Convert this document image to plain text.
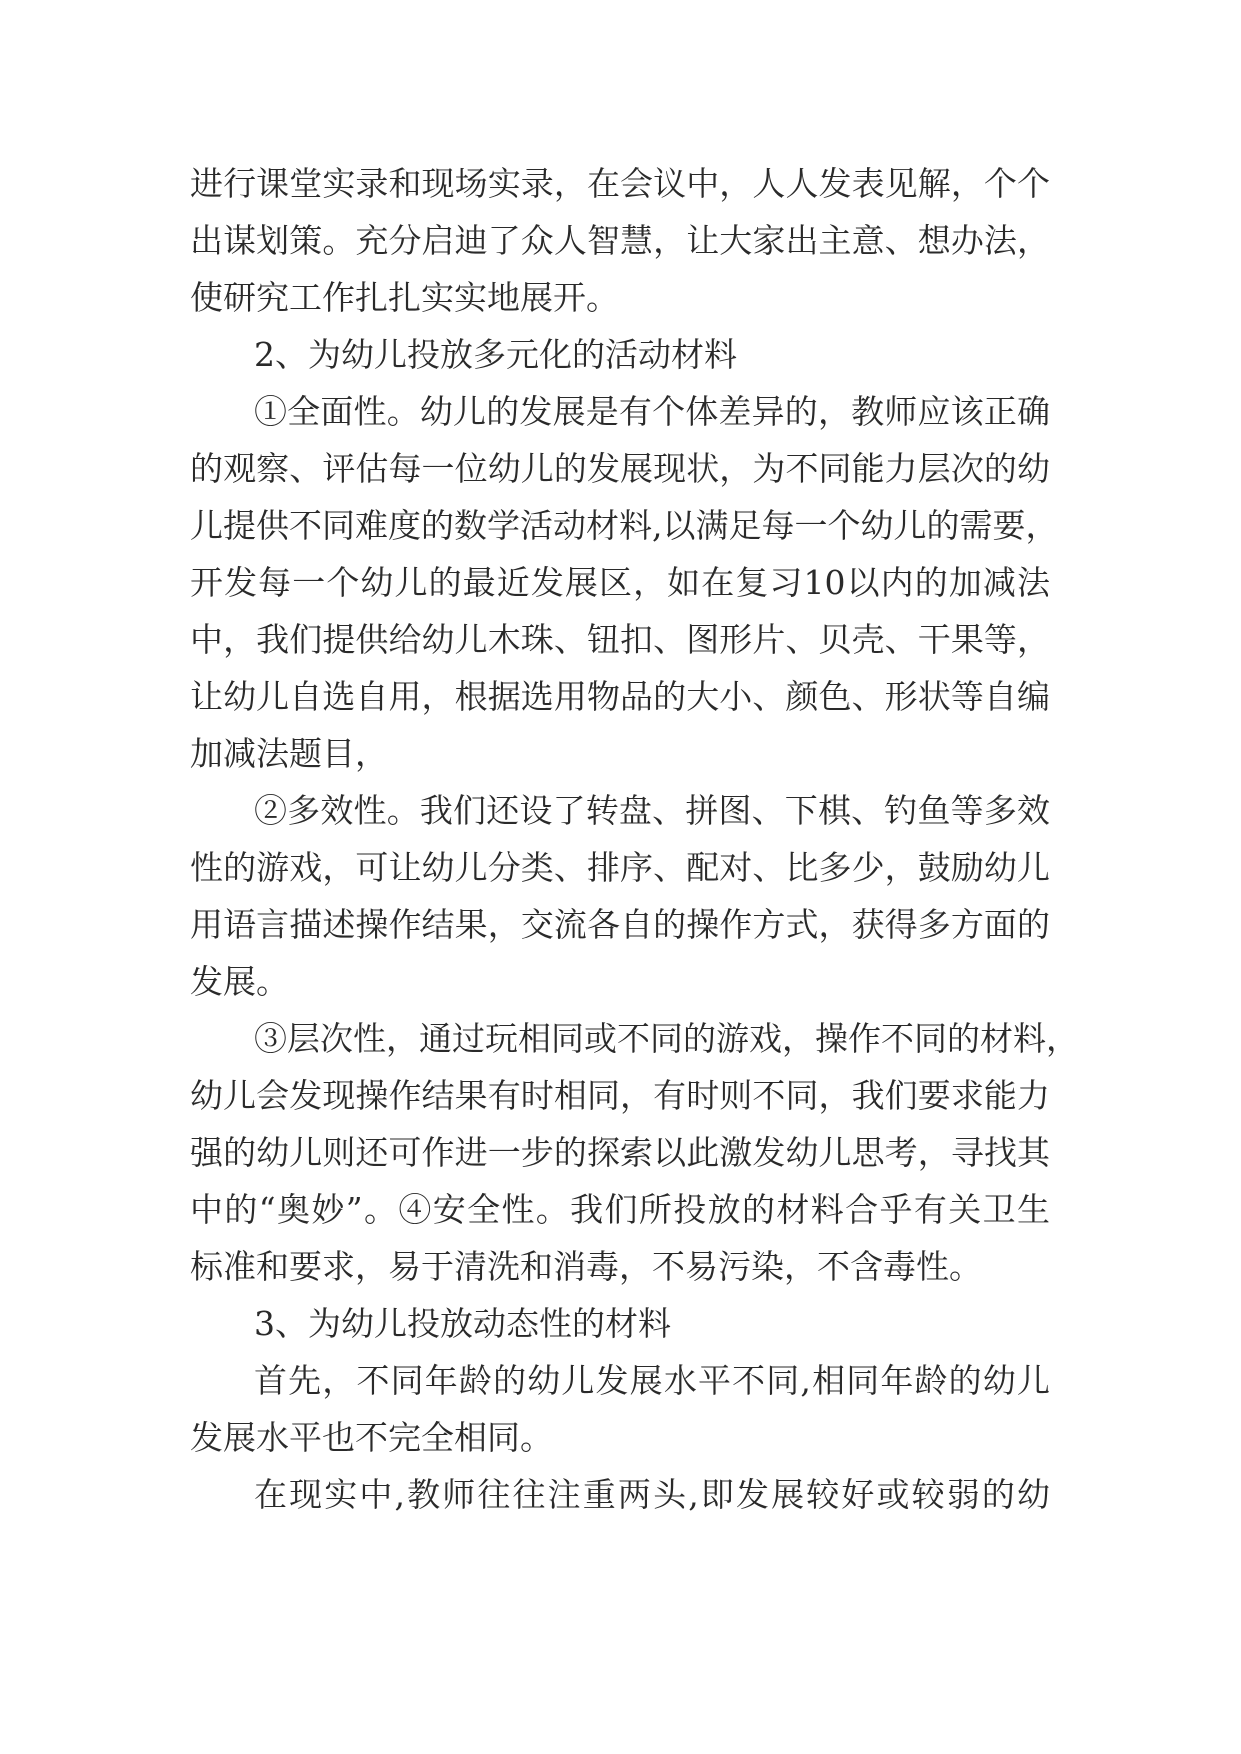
进行课堂实录和现场实录，在会议中，人人发表见解，个个
出谋划策。充分启迪了众人智慧，让大家出主意、想办法，
使研究工作扎扎实实地展开。
2、为幼儿投放多元化的活动材料
①全面性。幼儿的发展是有个体差异的，教师应该正确
的观察、评估每一位幼儿的发展现状，为不同能力层次的幼
儿提供不同难度的数学活动材料,以满足每一个幼儿的需要，
开发每一个幼儿的最近发展区，如在复习10以内的加减法
中，我们提供给幼儿木珠、钮扣、图形片、贝壳、干果等，
让幼儿自选自用，根据选用物品的大小、颜色、形状等自编
加减法题目，
②多效性。我们还设了转盘、拼图、下棋、钓鱼等多效
性的游戏，可让幼儿分类、排序、配对、比多少，鼓励幼儿
用语言描述操作结果，交流各自的操作方式，获得多方面的
发展。
③层次性，通过玩相同或不同的游戏，操作不同的材料，
幼儿会发现操作结果有时相同，有时则不同，我们要求能力
强的幼儿则还可作进一步的探索以此激发幼儿思考，寻找其
中的“奥妙”。④安全性。我们所投放的材料合乎有关卫生
标准和要求，易于清洗和消毒，不易污染，不含毒性。
3、为幼儿投放动态性的材料
首先，不同年龄的幼儿发展水平不同,相同年龄的幼儿
发展水平也不完全相同。
在现实中,教师往往注重两头,即发展较好或较弱的幼
